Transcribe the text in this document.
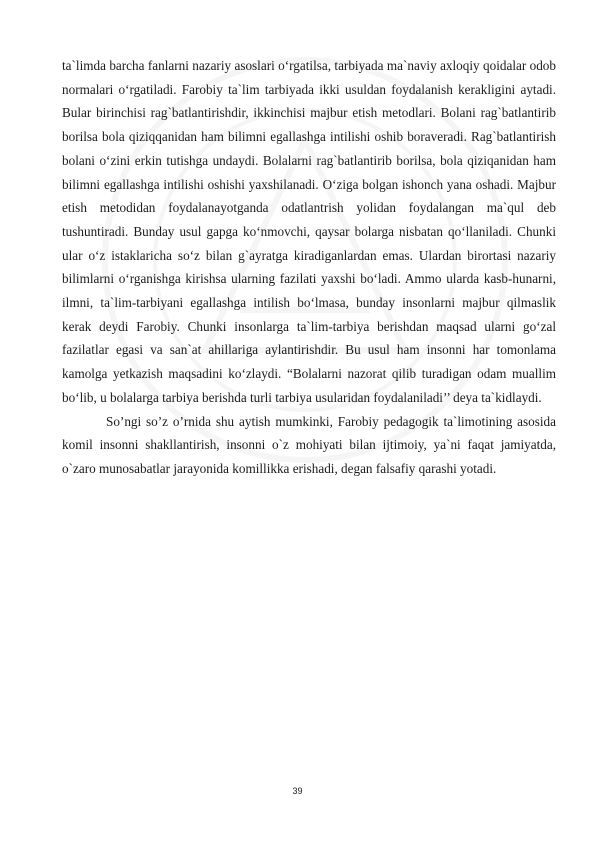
ta`limda barcha fanlarni nazariy asoslari o‘rgatilsa, tarbiyada ma`naviy axloqiy qoidalar odob normalari o‘rgatiladi. Farobiy ta`lim tarbiyada ikki usuldan foydalanish kerakligini aytadi. Bular birinchisi rag`batlantirishdir, ikkinchisi majbur etish metodlari. Bolani rag`batlantirib borilsa bola qiziqqanidan ham bilimni egallashga intilishi oshib boraveradi. Rag`batlantirish bolani o‘zini erkin tutishga undaydi. Bolalarni rag`batlantirib borilsa, bola qiziqanidan ham bilimni egallashga intilishi oshishi yaxshilanadi. O‘ziga bolgan ishonch yana oshadi. Majbur etish metodidan foydalanayotganda odatlantrish yolidan foydalangan ma`qul deb tushuntiradi. Bunday usul gapga ko‘nmovchi, qaysar bolarga nisbatan qo‘llaniladi. Chunki ular o‘z istaklaricha so‘z bilan g`ayratga kiradiganlardan emas. Ulardan birortasi nazariy bilimlarni o‘rganishga kirishsa ularning fazilati yaxshi bo‘ladi. Ammo ularda kasb-hunarni, ilmni, ta`lim-tarbiyani egallashga intilish bo‘lmasa, bunday insonlarni majbur qilmaslik kerak deydi Farobiy. Chunki insonlarga ta`lim-tarbiya berishdan maqsad ularni go‘zal fazilatlar egasi va san`at ahillariga aylantirishdir. Bu usul ham insonni har tomonlama kamolga yetkazish maqsadini ko‘zlaydi. “Bolalarni nazorat qilib turadigan odam muallim bo‘lib, u bolalarga tarbiya berishda turli tarbiya usularidan foydalaniladi’’ deya ta`kidlaydi.

So’ngi so’z o’rnida shu aytish mumkinki, Farobiy pedagogik ta`limotining asosida komil insonni shakllantirish, insonni o`z mohiyati bilan ijtimoiy, ya`ni faqat jamiyatda, o`zaro munosabatlar jarayonida komillikka erishadi, degan falsafiy qarashi yotadi.

39
